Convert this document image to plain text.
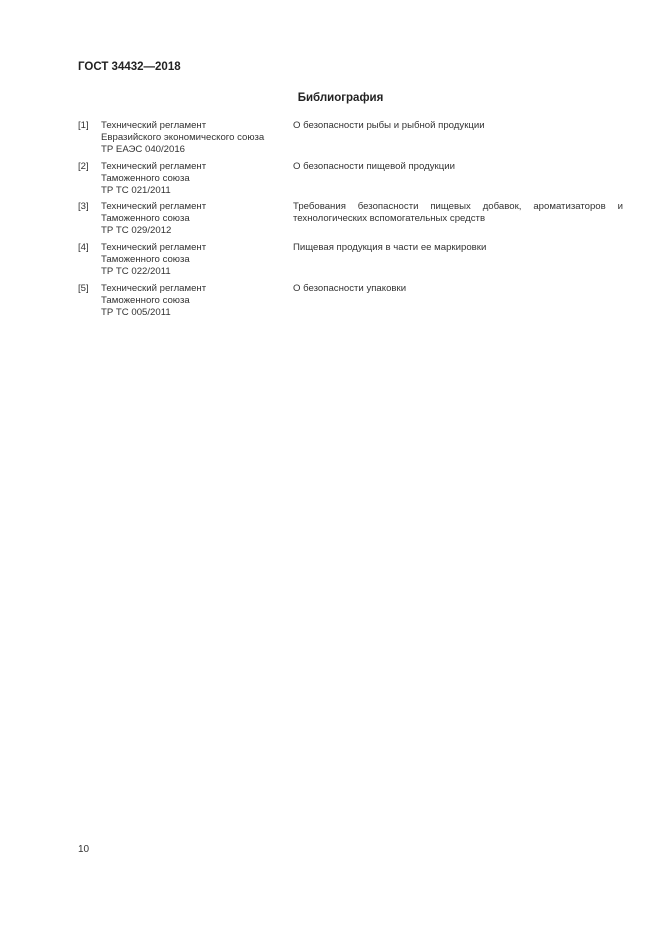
ГОСТ 34432—2018
Библиография
[1] Технический регламент
Евразийского экономического союза
ТР ЕАЭС 040/2016
О безопасности рыбы и рыбной продукции
[2] Технический регламент
Таможенного союза
ТР ТС 021/2011
О безопасности пищевой продукции
[3] Технический регламент
Таможенного союза
ТР ТС 029/2012
Требования безопасности пищевых добавок, ароматизаторов и технологических вспомогательных средств
[4] Технический регламент
Таможенного союза
ТР ТС 022/2011
Пищевая продукция в части ее маркировки
[5] Технический регламент
Таможенного союза
ТР ТС 005/2011
О безопасности упаковки
10
